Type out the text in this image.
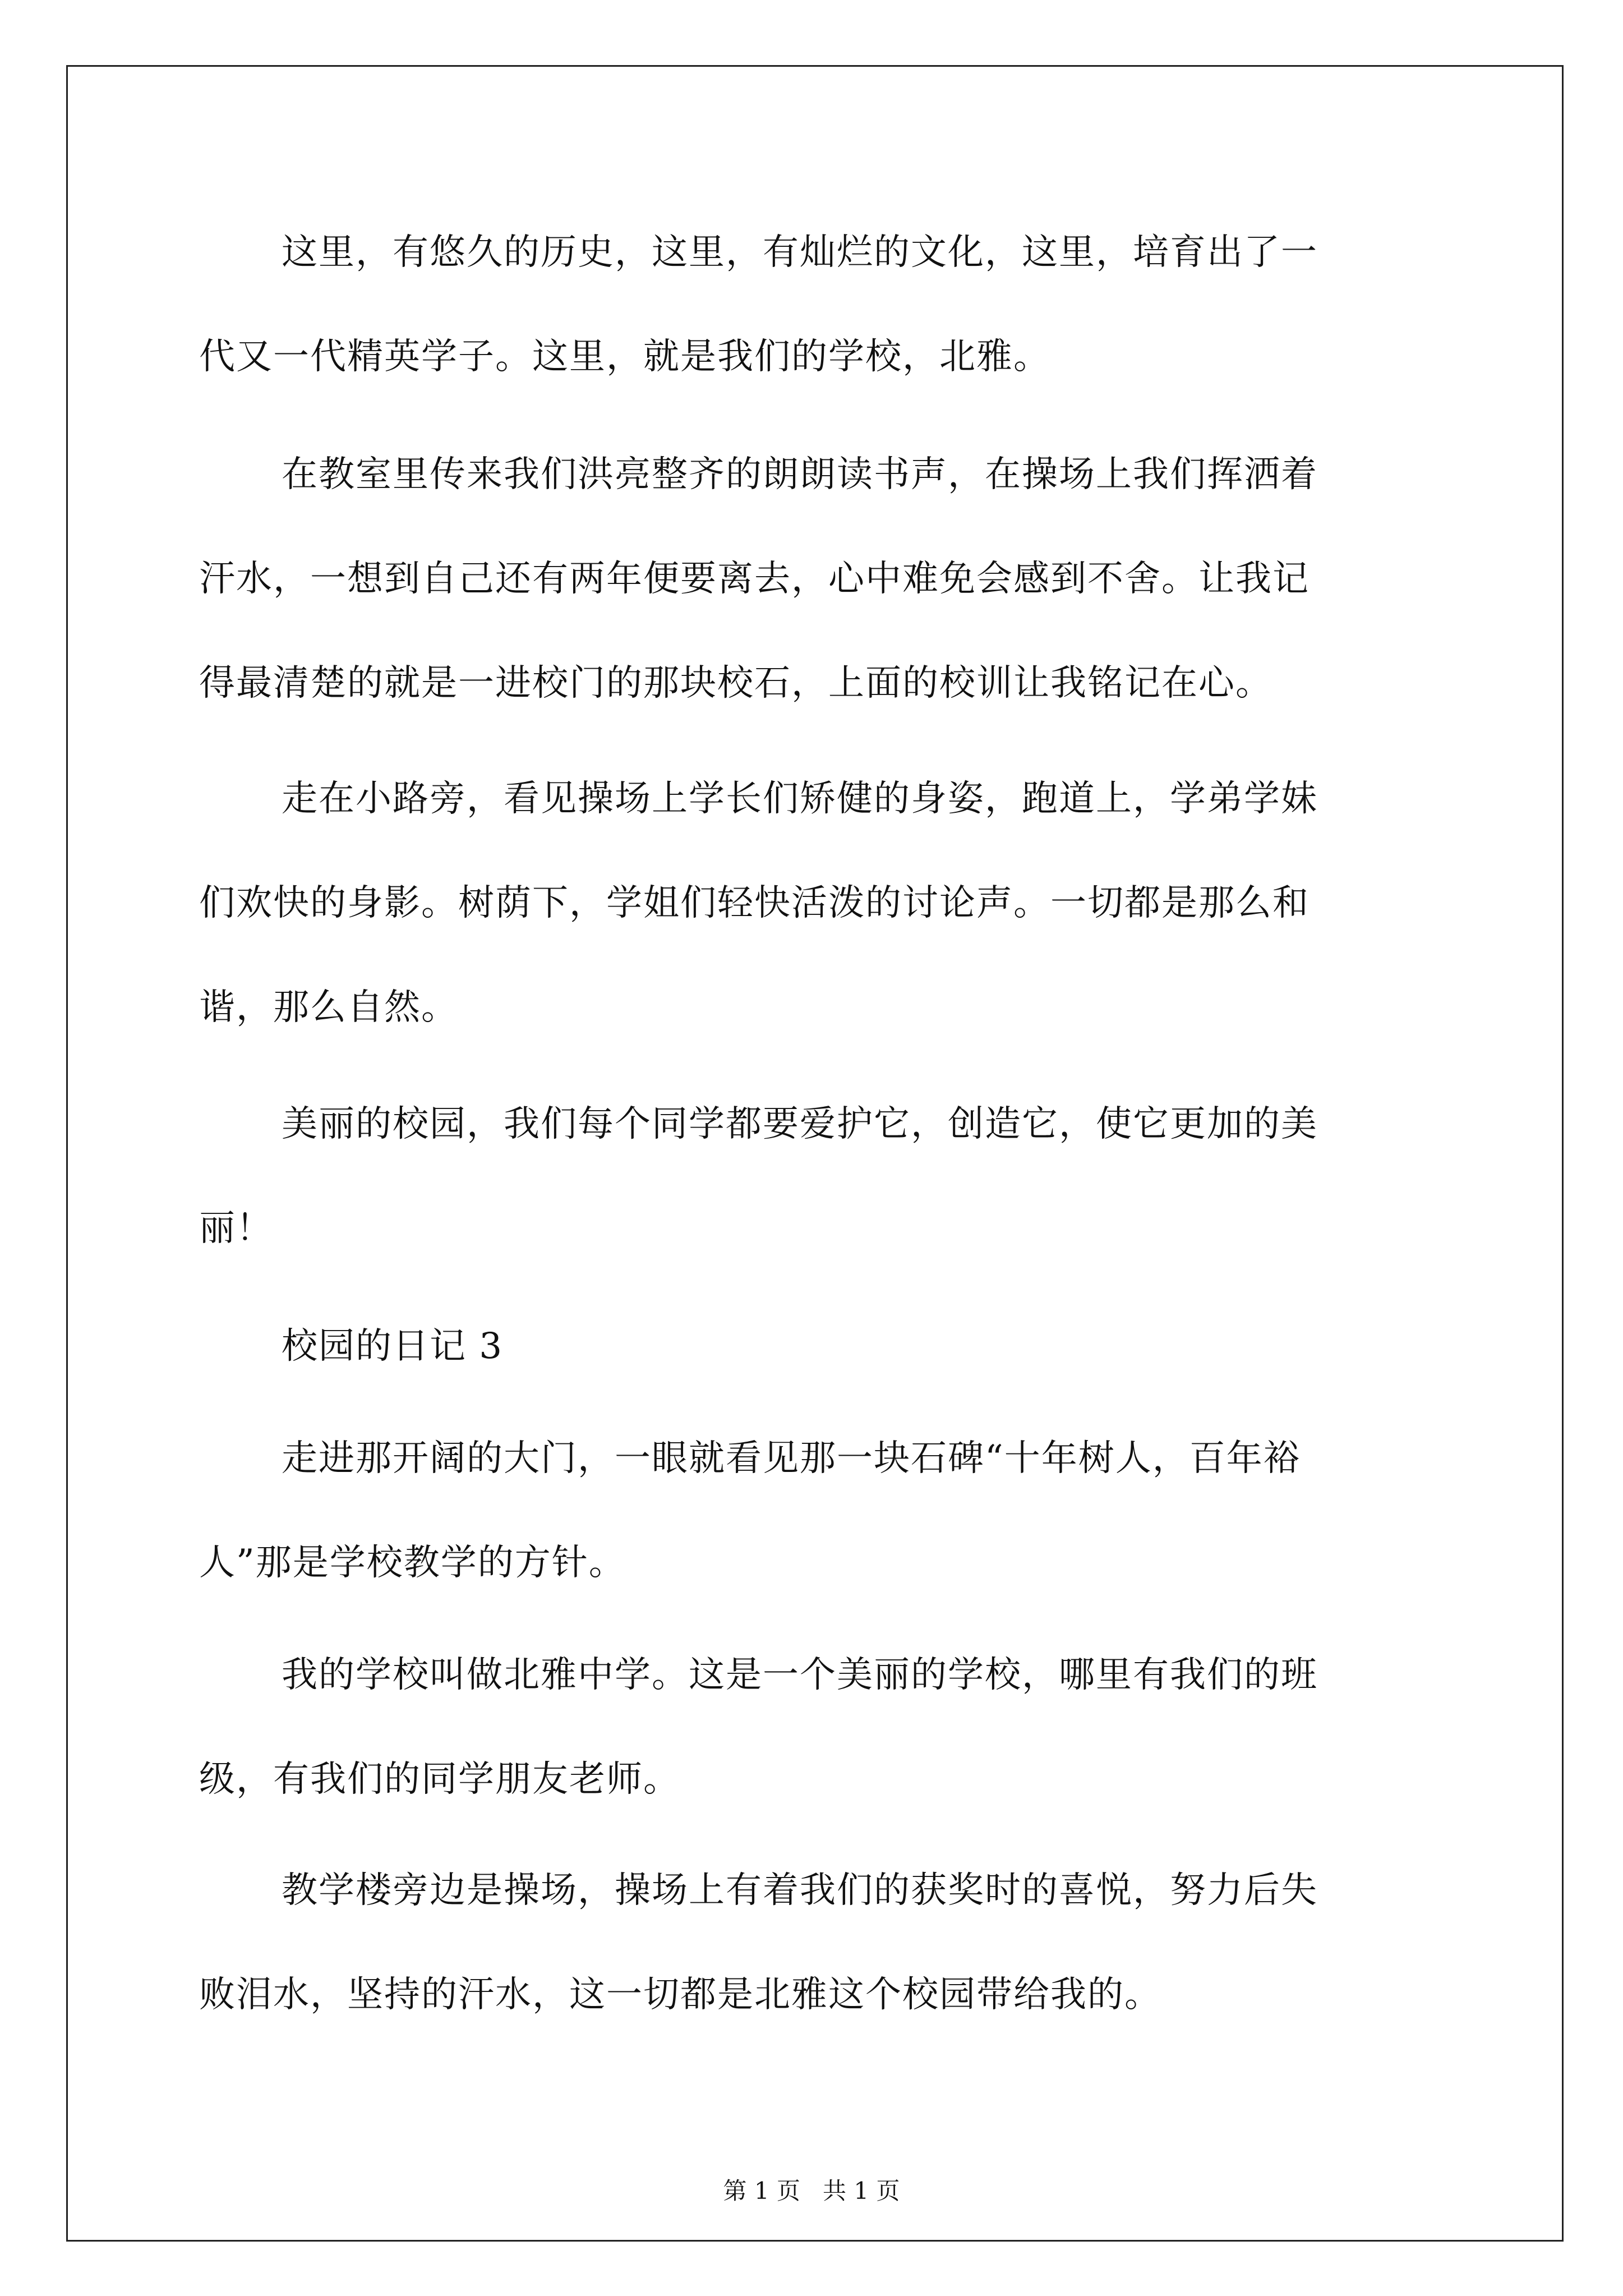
这里，有悠久的历史，这里，有灿烂的文化，这里，培育出了一
代又一代精英学子。这里，就是我们的学校，北雅。
在教室里传来我们洪亮整齐的朗朗读书声，在操场上我们挥洒着
汗水，一想到自己还有两年便要离去，心中难免会感到不舍。让我记
得最清楚的就是一进校门的那块校石，上面的校训让我铭记在心。
走在小路旁，看见操场上学长们矫健的身姿，跑道上，学弟学妹
们欢快的身影。树荫下，学姐们轻快活泼的讨论声。一切都是那么和
谐，那么自然。
美丽的校园，我们每个同学都要爱护它，创造它，使它更加的美
丽！
校园的日记 3
走进那开阔的大门，一眼就看见那一块石碑“十年树人，百年裕
人”那是学校教学的方针。
我的学校叫做北雅中学。这是一个美丽的学校，哪里有我们的班
级，有我们的同学朋友老师。
教学楼旁边是操场，操场上有着我们的获奖时的喜悦，努力后失
败泪水，坚持的汗水，这一切都是北雅这个校园带给我的。
第 1 页   共 1 页
